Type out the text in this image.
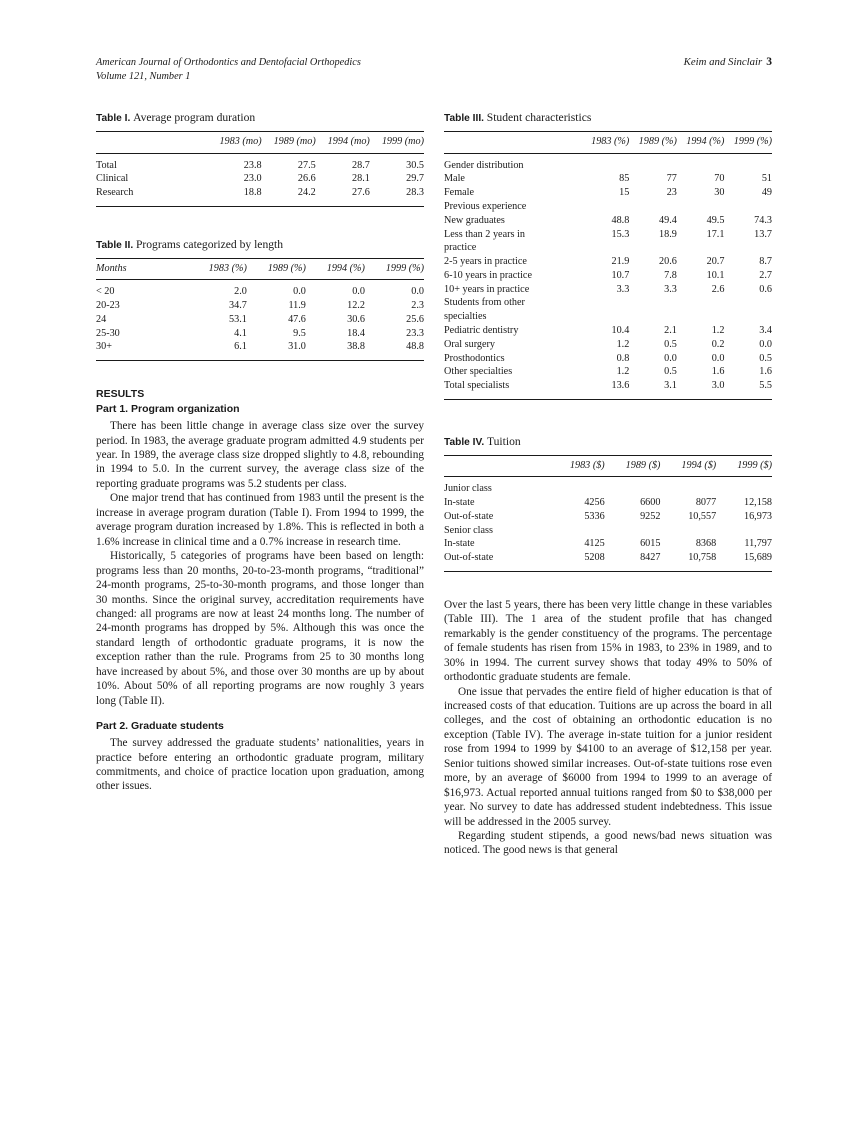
American Journal of Orthodontics and Dentofacial Orthopedics
Volume 121, Number 1
Keim and Sinclair 3
Table I. Average program duration
	1983 (mo)	1989 (mo)	1994 (mo)	1999 (mo)
Total	23.8	27.5	28.7	30.5
Clinical	23.0	26.6	28.1	29.7
Research	18.8	24.2	27.6	28.3
Table II. Programs categorized by length
Months	1983 (%)	1989 (%)	1994 (%)	1999 (%)
< 20	2.0	0.0	0.0	0.0
20-23	34.7	11.9	12.2	2.3
24	53.1	47.6	30.6	25.6
25-30	4.1	9.5	18.4	23.3
30+	6.1	31.0	38.8	48.8
RESULTS
Part 1. Program organization

There has been little change in average class size over the survey period. In 1983, the average graduate program admitted 4.9 students per year. In 1989, the average class size dropped slightly to 4.8, rebounding in 1994 to 5.0. In the current survey, the average class size of the reporting graduate programs was 5.2 students per class.

One major trend that has continued from 1983 until the present is the increase in average program duration (Table I). From 1994 to 1999, the average program duration increased by 1.8%. This is reflected in both a 1.6% increase in clinical time and a 0.7% increase in research time.

Historically, 5 categories of programs have been based on length: programs less than 20 months, 20-to-23-month programs, “traditional” 24-month programs, 25-to-30-month programs, and those longer than 30 months. Since the original survey, accreditation requirements have changed: all programs are now at least 24 months long. The number of 24-month programs has dropped by 5%. Although this was once the standard length of orthodontic graduate programs, it is now the exception rather than the rule. Programs from 25 to 30 months long have increased by about 5%, and those over 30 months are up by about 10%. About 50% of all reporting programs are now roughly 3 years long (Table II).

Part 2. Graduate students

The survey addressed the graduate students’ nationalities, years in practice before entering an orthodontic graduate program, military commitments, and choice of practice location upon graduation, among other issues.

Table III. Student characteristics
	1983 (%)	1989 (%)	1994 (%)	1999 (%)
Gender distribution				
Male	85	77	70	51
Female	15	23	30	49
Previous experience				
New graduates	48.8	49.4	49.5	74.3
Less than 2 years in	15.3	18.9	17.1	13.7
practice				
2-5 years in practice	21.9	20.6	20.7	8.7
6-10 years in practice	10.7	7.8	10.1	2.7
10+ years in practice	3.3	3.3	2.6	0.6
Students from other				
specialties				
Pediatric dentistry	10.4	2.1	1.2	3.4
Oral surgery	1.2	0.5	0.2	0.0
Prosthodontics	0.8	0.0	0.0	0.5
Other specialties	1.2	0.5	1.6	1.6
Total specialists	13.6	3.1	3.0	5.5
Table IV. Tuition
	1983 ($)	1989 ($)	1994 ($)	1999 ($)
Junior class				
In-state	4256	6600	8077	12,158
Out-of-state	5336	9252	10,557	16,973
Senior class				
In-state	4125	6015	8368	11,797
Out-of-state	5208	8427	10,758	15,689

Over the last 5 years, there has been very little change in these variables (Table III). The 1 area of the student profile that has changed remarkably is the gender constituency of the programs. The percentage of female students has risen from 15% in 1983, to 23% in 1989, and to 30% in 1994. The current survey shows that today 49% to 50% of orthodontic graduate students are female.

One issue that pervades the entire field of higher education is that of increased costs of that education. Tuitions are up across the board in all colleges, and the cost of obtaining an orthodontic education is no exception (Table IV). The average in-state tuition for a junior resident rose from 1994 to 1999 by $4100 to an average of $12,158 per year. Senior tuitions showed similar increases. Out-of-state tuitions rose even more, by an average of $6000 from 1994 to 1999 to an average of $16,973. Actual reported annual tuitions ranged from $0 to $38,000 per year. No survey to date has addressed student indebtedness. This issue will be addressed in the 2005 survey.

Regarding student stipends, a good news/bad news situation was noticed. The good news is that general
